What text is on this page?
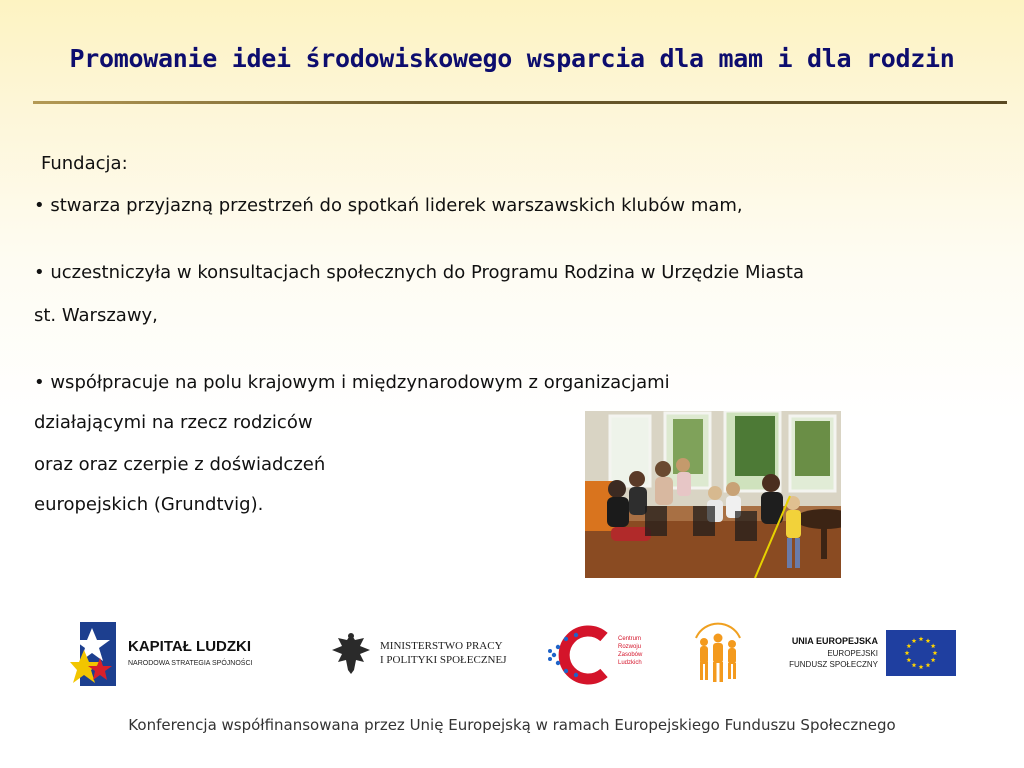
Promowanie idei środowiskowego wsparcia dla mam i dla rodzin
Fundacja:
• stwarza przyjazną przestrzeń do spotkań liderek warszawskich klubów mam,
• uczestniczyła w konsultacjach społecznych do Programu Rodzina w Urzędzie Miasta
st. Warszawy,
• współpracuje na polu krajowym i międzynarodowym z organizacjami
działającymi na rzecz rodziców
oraz oraz czerpie z doświadczeń
europejskich (Grundtvig).
KAPITAŁ LUDZKI
NARODOWA STRATEGIA SPÓJNOŚCI
MINISTERSTWO PRACY
I POLITYKI SPOŁECZNEJ
Centrum
Rozwoju
Zasobów
Ludzkich
UNIA EUROPEJSKA
EUROPEJSKI
FUNDUSZ SPOŁECZNY
Konferencja współfinansowana przez Unię Europejską w ramach Europejskiego Funduszu Społecznego
